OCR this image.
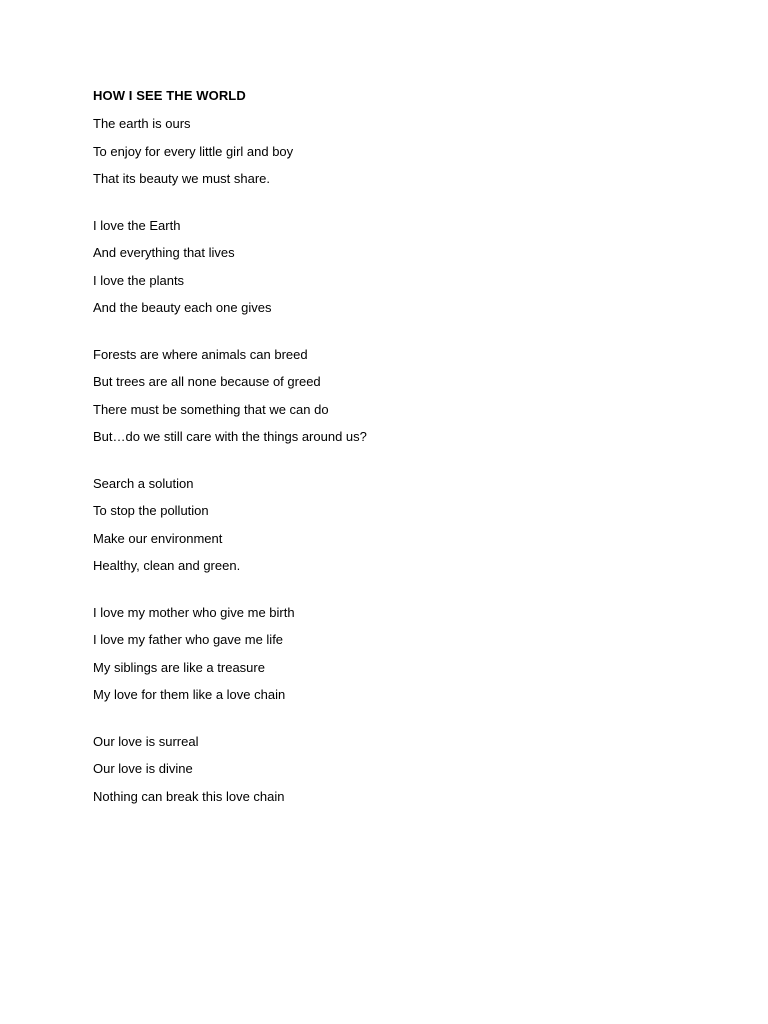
HOW I SEE THE WORLD
The earth is ours
To enjoy for every little girl and boy
That its beauty we must share.
I love the Earth
And everything that lives
I love the plants
And the beauty each one gives
Forests are where animals can breed
But trees are all none because of greed
There must be something that we can do
But…do we still care with the things around us?
Search a solution
To stop the pollution
Make our environment
Healthy, clean and green.
I love my mother who give me birth
I love my father who gave me life
My siblings are like a treasure
My love for them like a love chain
Our love is surreal
Our love is divine
Nothing can break this love chain
